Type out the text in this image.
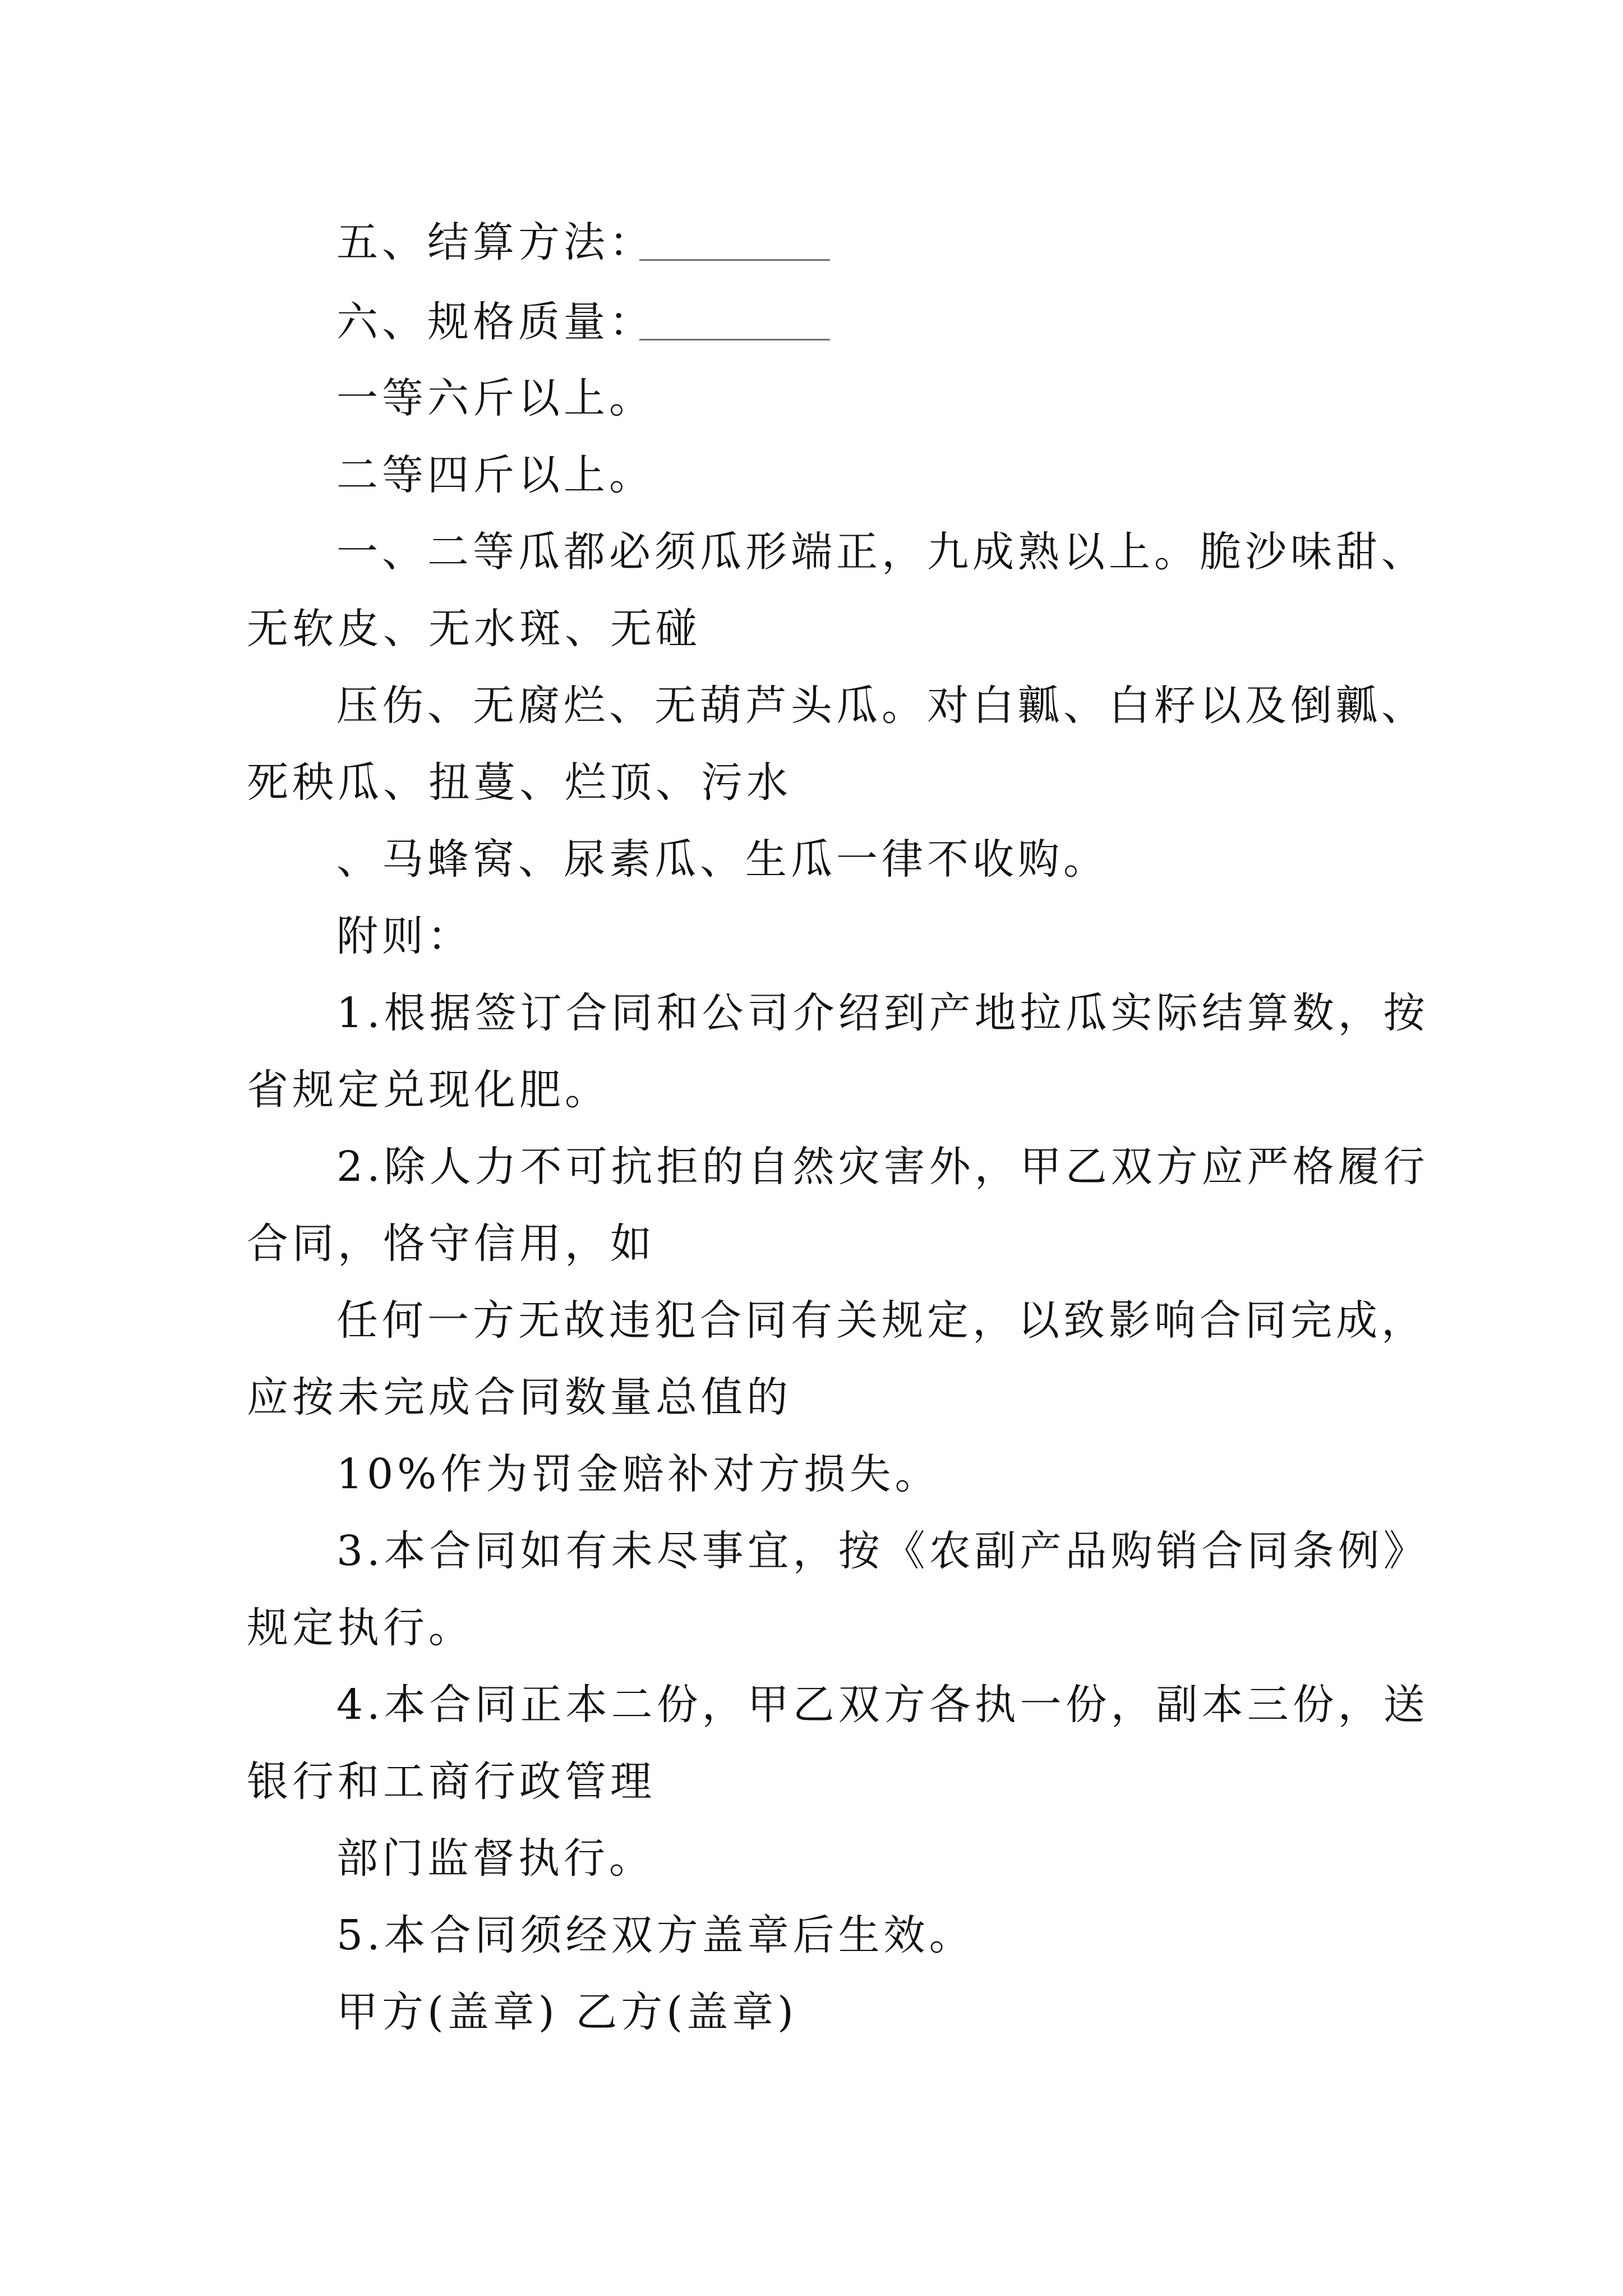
五、结算方法：
六、规格质量：
一等六斤以上。
二等四斤以上。
一、二等瓜都必须瓜形端正，九成熟以上。脆沙味甜、
无软皮、无水斑、无碰
压伤、无腐烂、无葫芦头瓜。对白瓤、白籽以及倒瓤、
死秧瓜、扭蔓、烂顶、污水
、马蜂窝、尿素瓜、生瓜一律不收购。
附则：
1.根据签订合同和公司介绍到产地拉瓜实际结算数，按
省规定兑现化肥。
2.除人力不可抗拒的自然灾害外，甲乙双方应严格履行
合同，恪守信用，如
任何一方无故违犯合同有关规定，以致影响合同完成，
应按未完成合同数量总值的
10%作为罚金赔补对方损失。
3.本合同如有未尽事宜，按《农副产品购销合同条例》
规定执行。
4.本合同正本二份，甲乙双方各执一份，副本三份，送
银行和工商行政管理
部门监督执行。
5.本合同须经双方盖章后生效。
甲方(盖章) 乙方(盖章)
